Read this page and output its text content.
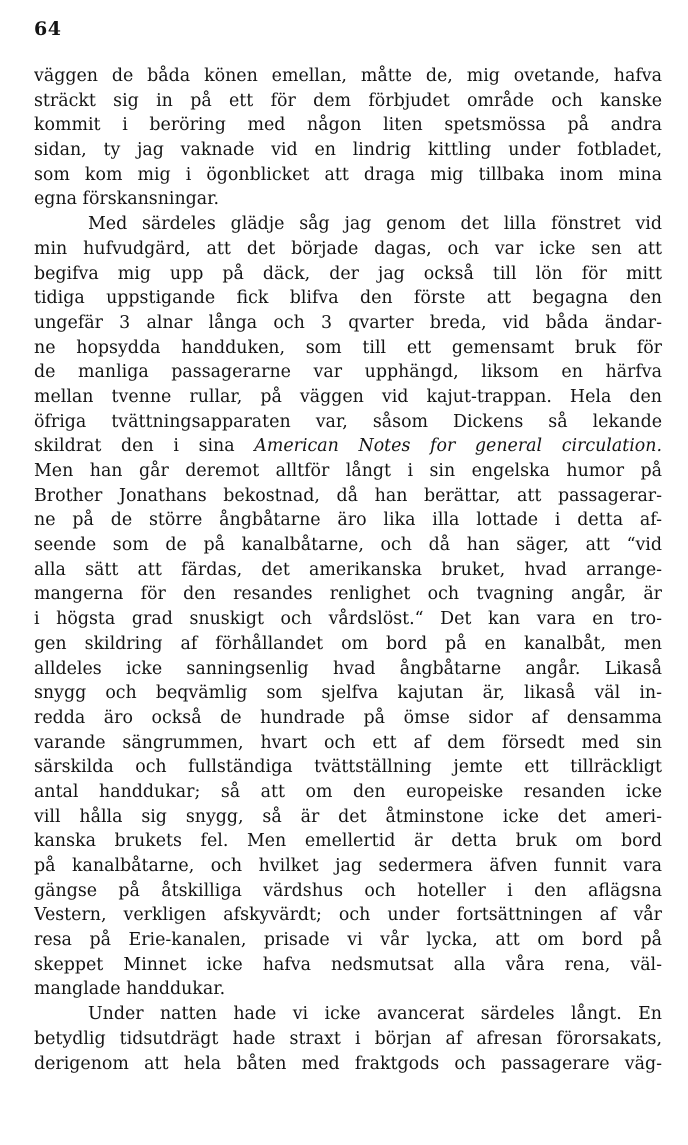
64
väggen de båda könen emellan, måtte de, mig ovetande, hafva
sträckt sig in på ett för dem förbjudet område och kanske
kommit i beröring med någon liten spetsmössa på andra
sidan, ty jag vaknade vid en lindrig kittling under fotbladet,
som kom mig i ögonblicket att draga mig tillbaka inom mina
egna förskansningar.
Med särdeles glädje såg jag genom det lilla fönstret vid
min hufvudgärd, att det började dagas, och var icke sen att
begifva mig upp på däck, der jag också till lön för mitt
tidiga uppstigande fick blifva den förste att begagna den
ungefär 3 alnar långa och 3 qvarter breda, vid båda ändar-
ne hopsydda handduken, som till ett gemensamt bruk för
de manliga passagerarne var upphängd, liksom en härfva
mellan tvenne rullar, på väggen vid kajut-trappan. Hela den
öfriga tvättningsapparaten var, såsom Dickens så lekande
skildrat den i sina American Notes for general circulation.
Men han går deremot alltför långt i sin engelska humor på
Brother Jonathans bekostnad, då han berättar, att passagerar-
ne på de större ångbåtarne äro lika illa lottade i detta af-
seende som de på kanalbåtarne, och då han säger, att “vid
alla sätt att färdas, det amerikanska bruket, hvad arrange-
mangerna för den resandes renlighet och tvagning angår, är
i högsta grad snuskigt och vårdslöst.“ Det kan vara en tro-
gen skildring af förhållandet om bord på en kanalbåt, men
alldeles icke sanningsenlig hvad ångbåtarne angår. Likaså
snygg och beqvämlig som sjelfva kajutan är, likaså väl in-
redda äro också de hundrade på ömse sidor af densamma
varande sängrummen, hvart och ett af dem försedt med sin
särskilda och fullständiga tvättställning jemte ett tillräckligt
antal handdukar; så att om den europeiske resanden icke
vill hålla sig snygg, så är det åtminstone icke det ameri-
kanska brukets fel. Men emellertid är detta bruk om bord
på kanalbåtarne, och hvilket jag sedermera äfven funnit vara
gängse på åtskilliga värdshus och hoteller i den aflägsna
Vestern, verkligen afskyvärdt; och under fortsättningen af vår
resa på Erie-kanalen, prisade vi vår lycka, att om bord på
skeppet Minnet icke hafva nedsmutsat alla våra rena, väl-
manglade handdukar.
Under natten hade vi icke avancerat särdeles långt. En
betydlig tidsutdrägt hade straxt i början af afresan förorsakats,
derigenom att hela båten med fraktgods och passagerare väg-
